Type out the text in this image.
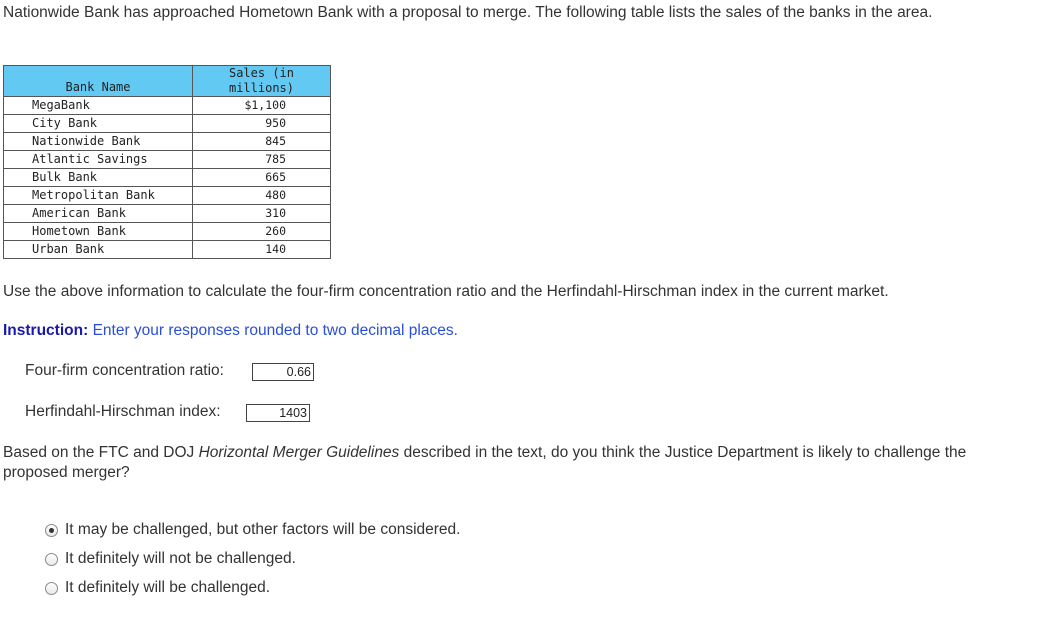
Nationwide Bank has approached Hometown Bank with a proposal to merge. The following table lists the sales of the banks in the area.
Bank Name	Sales (in
millions)
MegaBank	$1,100
City Bank	950
Nationwide Bank	845
Atlantic Savings	785
Bulk Bank	665
Metropolitan Bank	480
American Bank	310
Hometown Bank	260
Urban Bank	140
Use the above information to calculate the four-firm concentration ratio and the Herfindahl-Hirschman index in the current market.
Instruction: Enter your responses rounded to two decimal places.
Four-firm concentration ratio:	0.66
Herfindahl-Hirschman index:	1403
Based on the FTC and DOJ Horizontal Merger Guidelines described in the text, do you think the Justice Department is likely to challenge the proposed merger?
It may be challenged, but other factors will be considered.
It definitely will not be challenged.
It definitely will be challenged.
